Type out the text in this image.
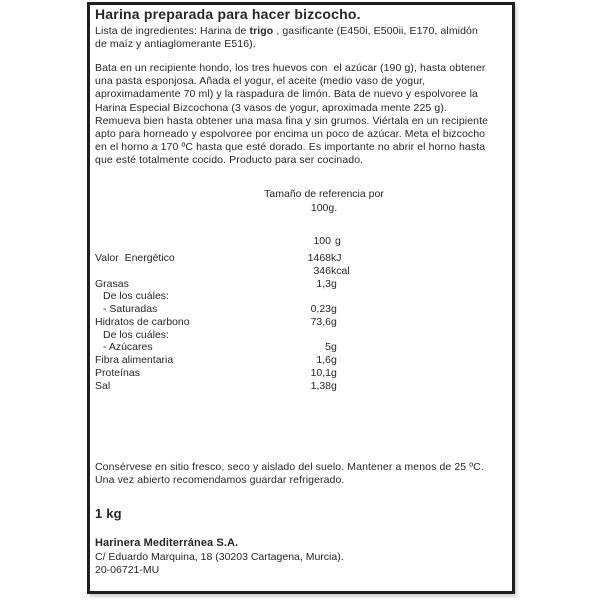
Harina preparada para hacer bizcocho.
Lista de ingredientes: Harina de trigo , gasificante (E450i, E500ii, E170, almidón
de maíz y antiaglomerante E516).
Bata en un recipiente hondo, los tres huevos con  el azúcar (190 g), hasta obtener
una pasta esponjosa. Añada el yogur, el aceite (medio vaso de yogur,
aproximadamente 70 ml) y la raspadura de limón. Bata de nuevo y espolvoree la
Harina Especial Bizcochona (3 vasos de yogur, aproximada mente 225 g).
Remueva bien hasta obtener una masa fina y sin grumos. Viértala en un recipiente
apto para horneado y espolvoree por encima un poco de azúcar. Meta el bizcocho
en el horno a 170 ºC hasta que esté dorado. Es importante no abrir el horno hasta
que esté totalmente cocido. Producto para ser cocinado.
Tamaño de referencia por
100g.
100 g
Valor  Energético	1468 kJ
346 kcal
Grasas	1,3 g
De los cuáles:
- Saturadas	0,23 g
Hidratos de carbono	73,6 g
De los cuáles:
- Azúcares	5 g
Fibra alimentaria	1,6 g
Proteínas	10,1 g
Sal	1,38 g
Consérvese en sitio fresco, seco y aislado del suelo. Mantener a menos de 25 ºC.
Una vez abierto recomendamos guardar refrigerado.
1 kg
Harinera Mediterránea S.A.
C/ Eduardo Marquina, 18 (30203 Cartagena, Murcia).
20-06721-MU
